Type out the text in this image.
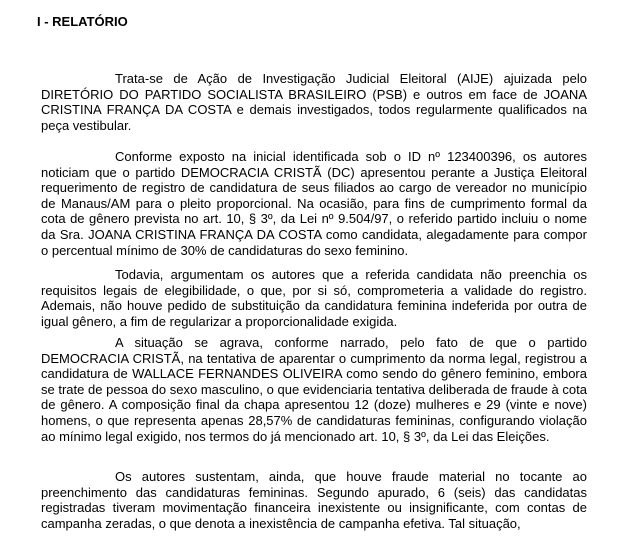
I - RELATÓRIO

Trata-se de Ação de Investigação Judicial Eleitoral (AIJE) ajuizada pelo DIRETÓRIO DO PARTIDO SOCIALISTA BRASILEIRO (PSB) e outros em face de JOANA CRISTINA FRANÇA DA COSTA e demais investigados, todos regularmente qualificados na peça vestibular.

Conforme exposto na inicial identificada sob o ID nº 123400396, os autores noticiam que o partido DEMOCRACIA CRISTÃ (DC) apresentou perante a Justiça Eleitoral requerimento de registro de candidatura de seus filiados ao cargo de vereador no município de Manaus/AM para o pleito proporcional. Na ocasião, para fins de cumprimento formal da cota de gênero prevista no art. 10, § 3º, da Lei nº 9.504/97, o referido partido incluiu o nome da Sra. JOANA CRISTINA FRANÇA DA COSTA como candidata, alegadamente para compor o percentual mínimo de 30% de candidaturas do sexo feminino.

Todavia, argumentam os autores que a referida candidata não preenchia os requisitos legais de elegibilidade, o que, por si só, comprometeria a validade do registro. Ademais, não houve pedido de substituição da candidatura feminina indeferida por outra de igual gênero, a fim de regularizar a proporcionalidade exigida.

A situação se agrava, conforme narrado, pelo fato de que o partido DEMOCRACIA CRISTÃ, na tentativa de aparentar o cumprimento da norma legal, registrou a candidatura de WALLACE FERNANDES OLIVEIRA como sendo do gênero feminino, embora se trate de pessoa do sexo masculino, o que evidenciaria tentativa deliberada de fraude à cota de gênero. A composição final da chapa apresentou 12 (doze) mulheres e 29 (vinte e nove) homens, o que representa apenas 28,57% de candidaturas femininas, configurando violação ao mínimo legal exigido, nos termos do já mencionado art. 10, § 3º, da Lei das Eleições.

Os autores sustentam, ainda, que houve fraude material no tocante ao preenchimento das candidaturas femininas. Segundo apurado, 6 (seis) das candidatas registradas tiveram movimentação financeira inexistente ou insignificante, com contas de campanha zeradas, o que denota a inexistência de campanha efetiva. Tal situação,
